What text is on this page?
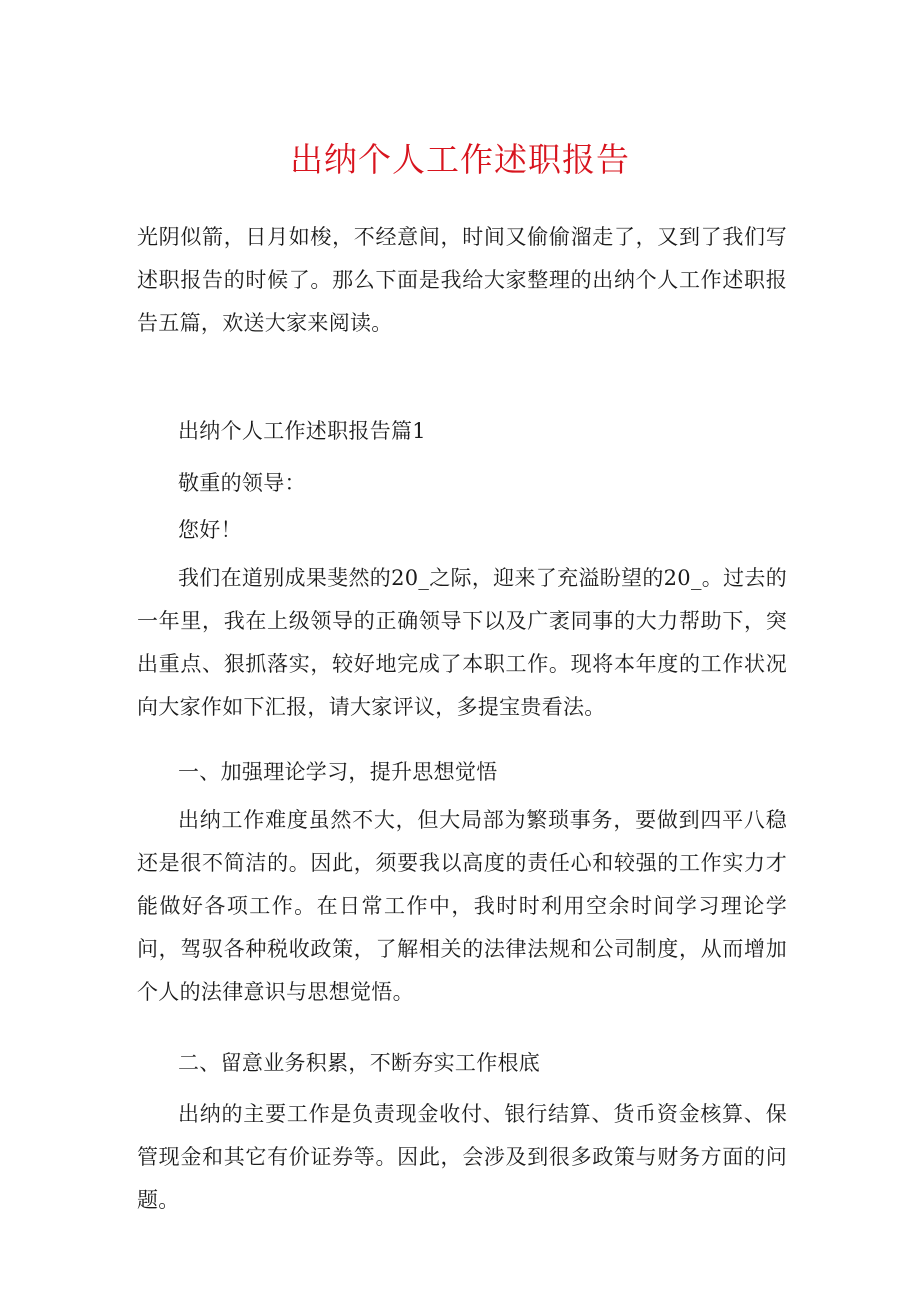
出纳个人工作述职报告

光阴似箭，日月如梭，不经意间，时间又偷偷溜走了，又到了我们写述职报告的时候了。那么下面是我给大家整理的出纳个人工作述职报告五篇，欢送大家来阅读。

出纳个人工作述职报告篇1

敬重的领导：

您好！

我们在道别成果斐然的20_之际，迎来了充溢盼望的20_。过去的一年里，我在上级领导的正确领导下以及广袤同事的大力帮助下，突出重点、狠抓落实，较好地完成了本职工作。现将本年度的工作状况向大家作如下汇报，请大家评议，多提宝贵看法。

一、加强理论学习，提升思想觉悟

出纳工作难度虽然不大，但大局部为繁琐事务，要做到四平八稳还是很不简洁的。因此，须要我以高度的责任心和较强的工作实力才能做好各项工作。在日常工作中，我时时利用空余时间学习理论学问，驾驭各种税收政策，了解相关的法律法规和公司制度，从而增加个人的法律意识与思想觉悟。

二、留意业务积累，不断夯实工作根底

出纳的主要工作是负责现金收付、银行结算、货币资金核算、保管现金和其它有价证券等。因此，会涉及到很多政策与财务方面的问题。
